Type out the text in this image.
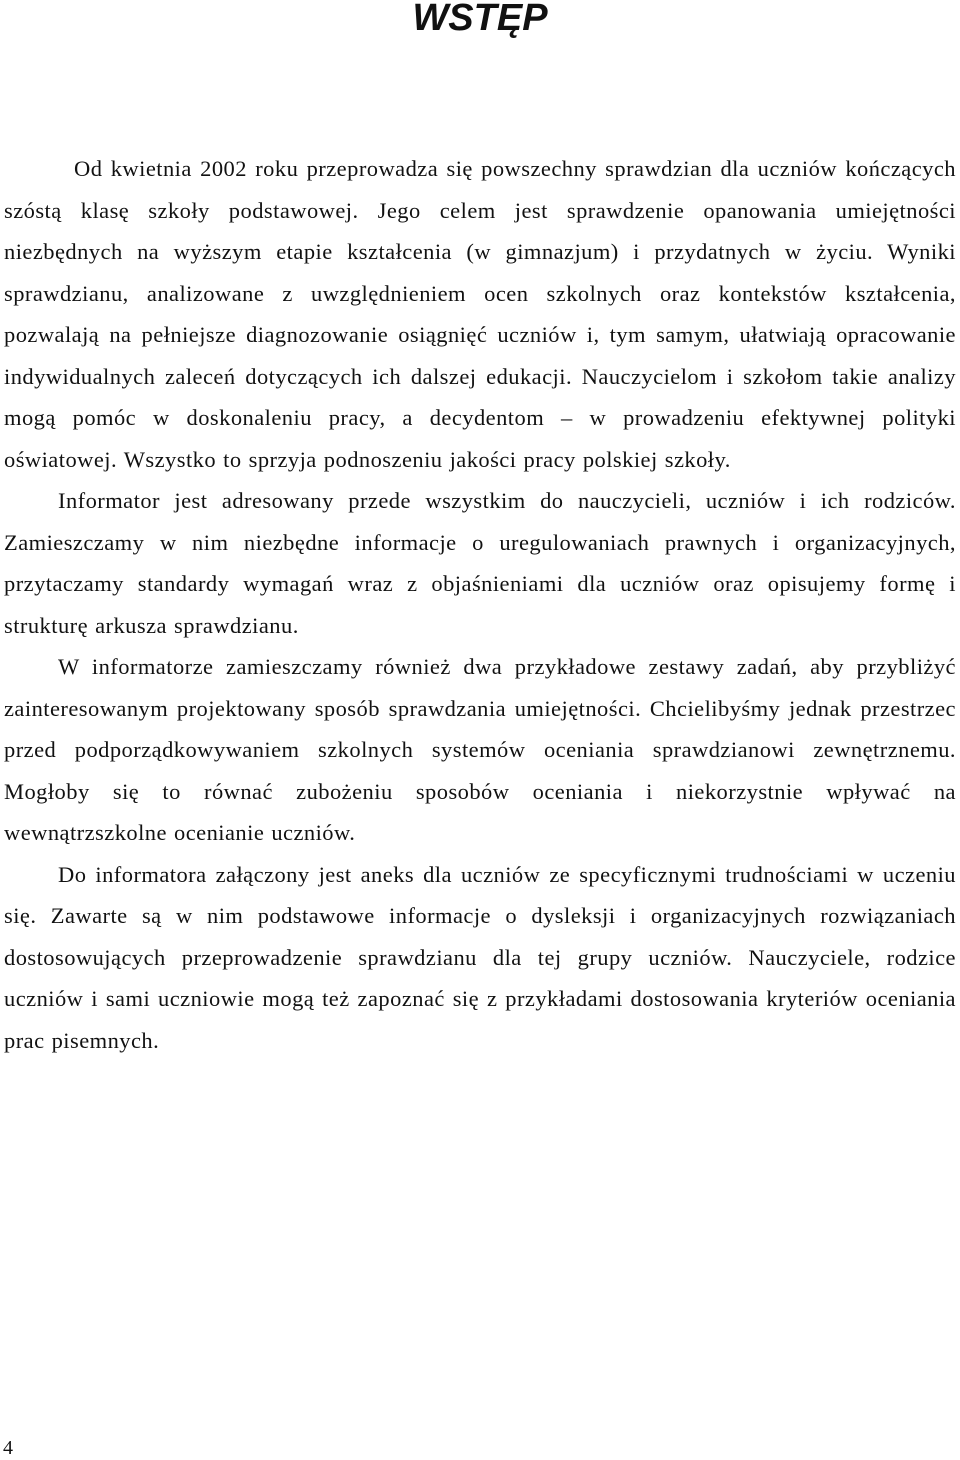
WSTĘP

Od kwietnia 2002 roku przeprowadza się powszechny sprawdzian dla uczniów kończących szóstą klasę szkoły podstawowej. Jego celem jest sprawdzenie opanowania umiejętności niezbędnych na wyższym etapie kształcenia (w gimnazjum) i przydatnych w życiu. Wyniki sprawdzianu, analizowane z uwzględnieniem ocen szkolnych oraz kontekstów kształcenia, pozwalają na pełniejsze diagnozowanie osiągnięć uczniów i, tym samym, ułatwiają opracowanie indywidualnych zaleceń dotyczących ich dalszej edukacji. Nauczycielom i szkołom takie analizy mogą pomóc w doskonaleniu pracy, a decydentom – w prowadzeniu efektywnej polityki oświatowej. Wszystko to sprzyja podnoszeniu jakości pracy polskiej szkoły.

Informator jest adresowany przede wszystkim do nauczycieli, uczniów i ich rodziców. Zamieszczamy w nim niezbędne informacje o uregulowaniach prawnych i organizacyjnych, przytaczamy standardy wymagań wraz z objaśnieniami dla uczniów oraz opisujemy formę i strukturę arkusza sprawdzianu.

W informatorze zamieszczamy również dwa przykładowe zestawy zadań, aby przybliżyć zainteresowanym projektowany sposób sprawdzania umiejętności. Chcielibyśmy jednak przestrzec przed podporządkowywaniem szkolnych systemów oceniania sprawdzianowi zewnętrznemu. Mogłoby się to równać zubożeniu sposobów oceniania i niekorzystnie wpływać na wewnątrzszkolne ocenianie uczniów.

Do informatora załączony jest aneks dla uczniów ze specyficznymi trudnościami w uczeniu się. Zawarte są w nim podstawowe informacje o dysleksji i organizacyjnych rozwiązaniach dostosowujących przeprowadzenie sprawdzianu dla tej grupy uczniów. Nauczyciele, rodzice uczniów i sami uczniowie mogą też zapoznać się z przykładami dostosowania kryteriów oceniania prac pisemnych.

4
